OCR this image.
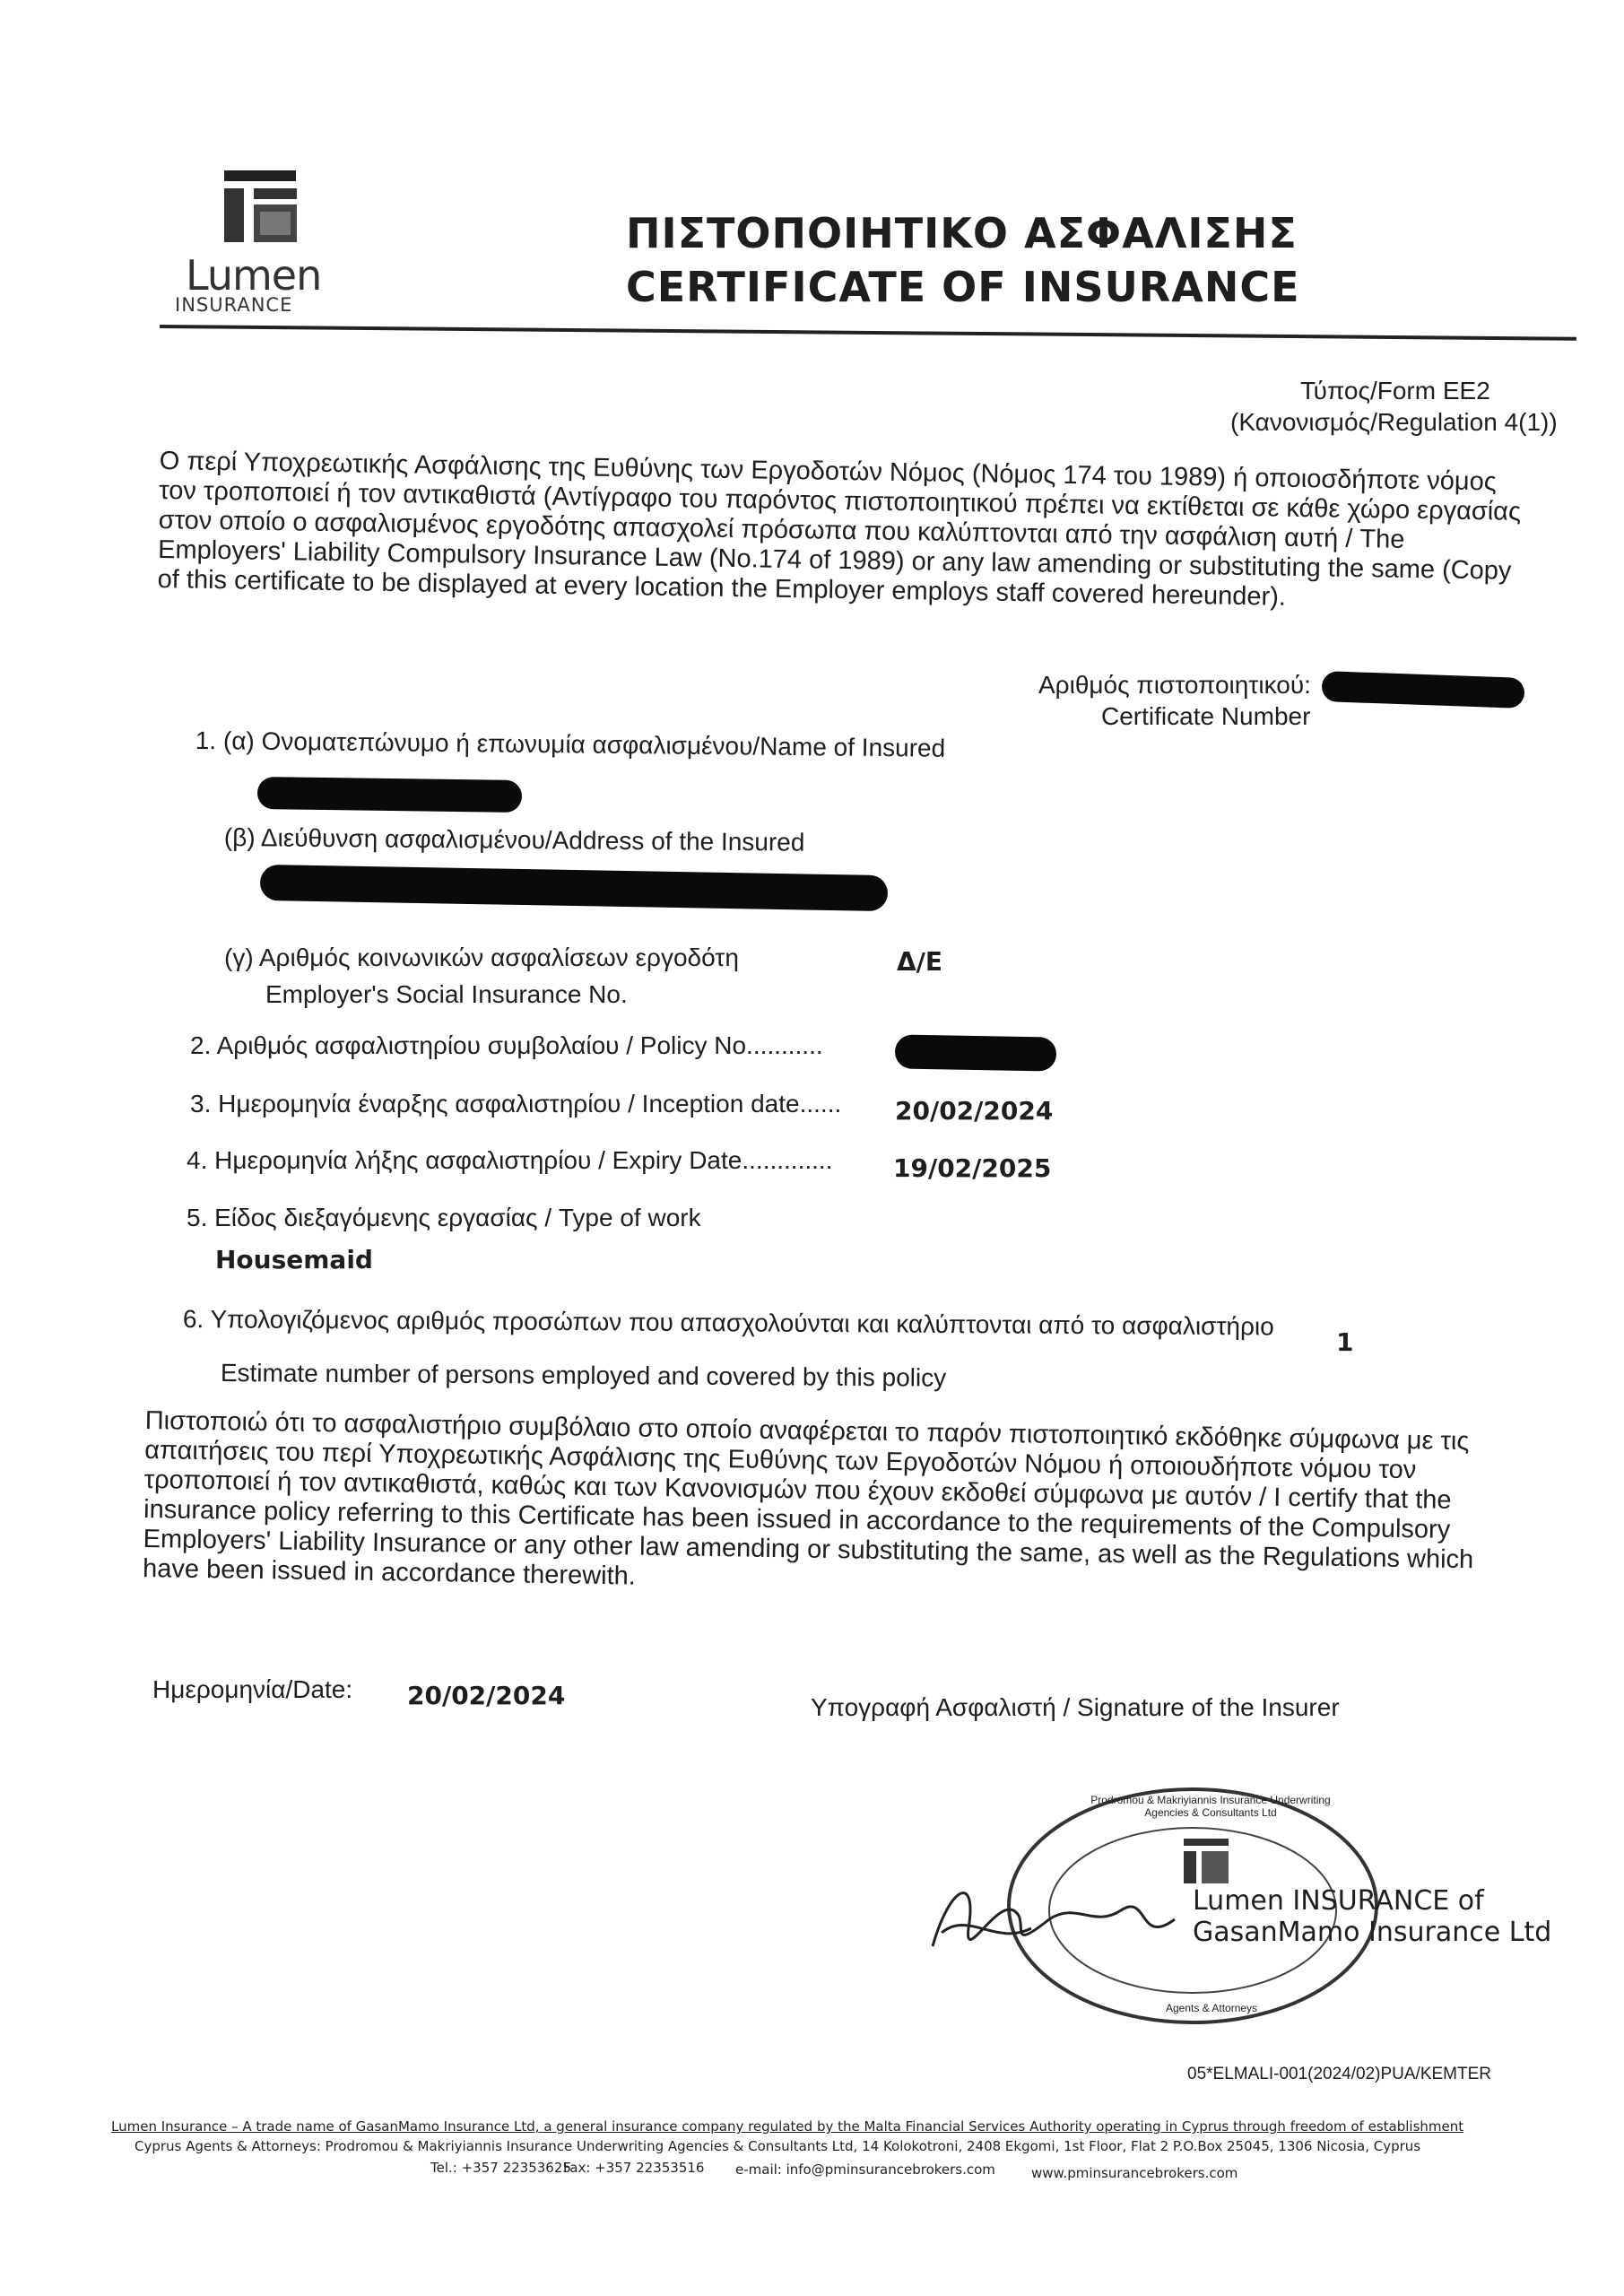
Lumen
INSURANCE
ΠΙΣΤΟΠΟΙΗΤΙΚΟ ΑΣΦΑΛΙΣΗΣ
CERTIFICATE OF INSURANCE
Τύπος/Form EE2
(Κανονισμός/Regulation 4(1))
Ο περί Υποχρεωτικής Ασφάλισης της Ευθύνης των Εργοδοτών Νόμος (Νόμος 174 του 1989) ή οποιοσδήποτε νόμος τον τροποποιεί ή τον αντικαθιστά (Αντίγραφο του παρόντος πιστοποιητικού πρέπει να εκτίθεται σε κάθε χώρο εργασίας στον οποίο ο ασφαλισμένος εργοδότης απασχολεί πρόσωπα που καλύπτονται από την ασφάλιση αυτή / The Employers' Liability Compulsory Insurance Law (No.174 of 1989) or any law amending or substituting the same (Copy of this certificate to be displayed at every location the Employer employs staff covered hereunder).
Αριθμός πιστοποιητικού:
Certificate Number
1. (α) Ονοματεπώνυμο ή επωνυμία ασφαλισμένου/Name of Insured
(β) Διεύθυνση ασφαλισμένου/Address of the Insured
(γ) Αριθμός κοινωνικών ασφαλίσεων εργοδότη
Employer's Social Insurance No.
Δ/Ε
2. Αριθμός ασφαλιστηρίου συμβολαίου / Policy No...........
3. Ημερομηνία έναρξης ασφαλιστηρίου / Inception date...... 20/02/2024
4. Ημερομηνία λήξης ασφαλιστηρίου / Expiry Date............. 19/02/2025
5. Είδος διεξαγόμενης εργασίας / Type of work
Housemaid
6. Υπολογιζόμενος αριθμός προσώπων που απασχολούνται και καλύπτονται από το ασφαλιστήριο
1
Estimate number of persons employed and covered by this policy
Πιστοποιώ ότι το ασφαλιστήριο συμβόλαιο στο οποίο αναφέρεται το παρόν πιστοποιητικό εκδόθηκε σύμφωνα με τις απαιτήσεις του περί Υποχρεωτικής Ασφάλισης της Ευθύνης των Εργοδοτών Νόμου ή οποιουδήποτε νόμου τον τροποποιεί ή τον αντικαθιστά, καθώς και των Κανονισμών που έχουν εκδοθεί σύμφωνα με αυτόν / I certify that the insurance policy referring to this Certificate has been issued in accordance to the requirements of the Compulsory Employers' Liability Insurance or any other law amending or substituting the same, as well as the Regulations which have been issued in accordance therewith.
Ημερομηνία/Date: 20/02/2024	Υπογραφή Ασφαλιστή / Signature of the Insurer
Lumen INSURANCE of GasanMamo Insurance Ltd
Prodromou & Makriyiannis Insurance Underwriting Agencies & Consultants Ltd
Agents & Attorneys
05*ELMALI-001(2024/02)PUA/KEMTER
Lumen Insurance – A trade name of GasanMamo Insurance Ltd, a general insurance company regulated by the Malta Financial Services Authority operating in Cyprus through freedom of establishment
Cyprus Agents & Attorneys: Prodromou & Makriyiannis Insurance Underwriting Agencies & Consultants Ltd, 14 Kolokotroni, 2408 Ekgomi, 1st Floor, Flat 2 P.O.Box 25045, 1306 Nicosia, Cyprus
Tel.: +357 22353625
Fax: +357 22353516 e-mail: info@pminsurancebrokers.com	www.pminsurancebrokers.com
